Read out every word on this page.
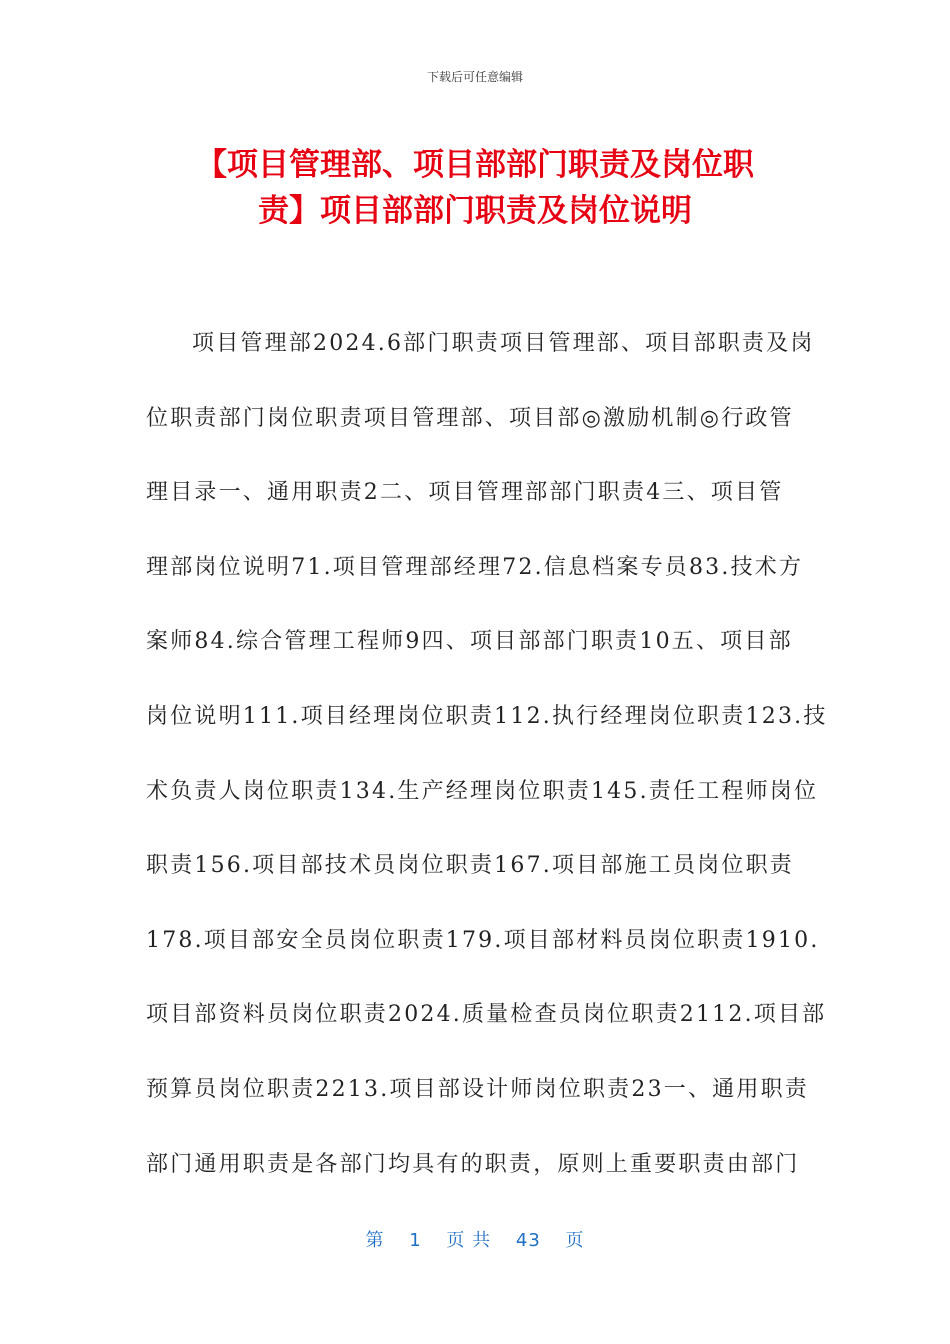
下载后可任意编辑
【项目管理部、项目部部门职责及岗位职
责】项目部部门职责及岗位说明
项目管理部2024.6部门职责项目管理部、项目部职责及岗
位职责部门岗位职责项目管理部、项目部◎激励机制◎行政管
理目录一、通用职责2二、项目管理部部门职责4三、项目管
理部岗位说明71.项目管理部经理72.信息档案专员83.技术方
案师84.综合管理工程师9四、项目部部门职责10五、项目部
岗位说明111.项目经理岗位职责112.执行经理岗位职责123.技
术负责人岗位职责134.生产经理岗位职责145.责任工程师岗位
职责156.项目部技术员岗位职责167.项目部施工员岗位职责
178.项目部安全员岗位职责179.项目部材料员岗位职责1910.
项目部资料员岗位职责2024.质量检查员岗位职责2112.项目部
预算员岗位职责2213.项目部设计师岗位职责23一、通用职责
部门通用职责是各部门均具有的职责，原则上重要职责由部门
第 1 页 共 43 页
